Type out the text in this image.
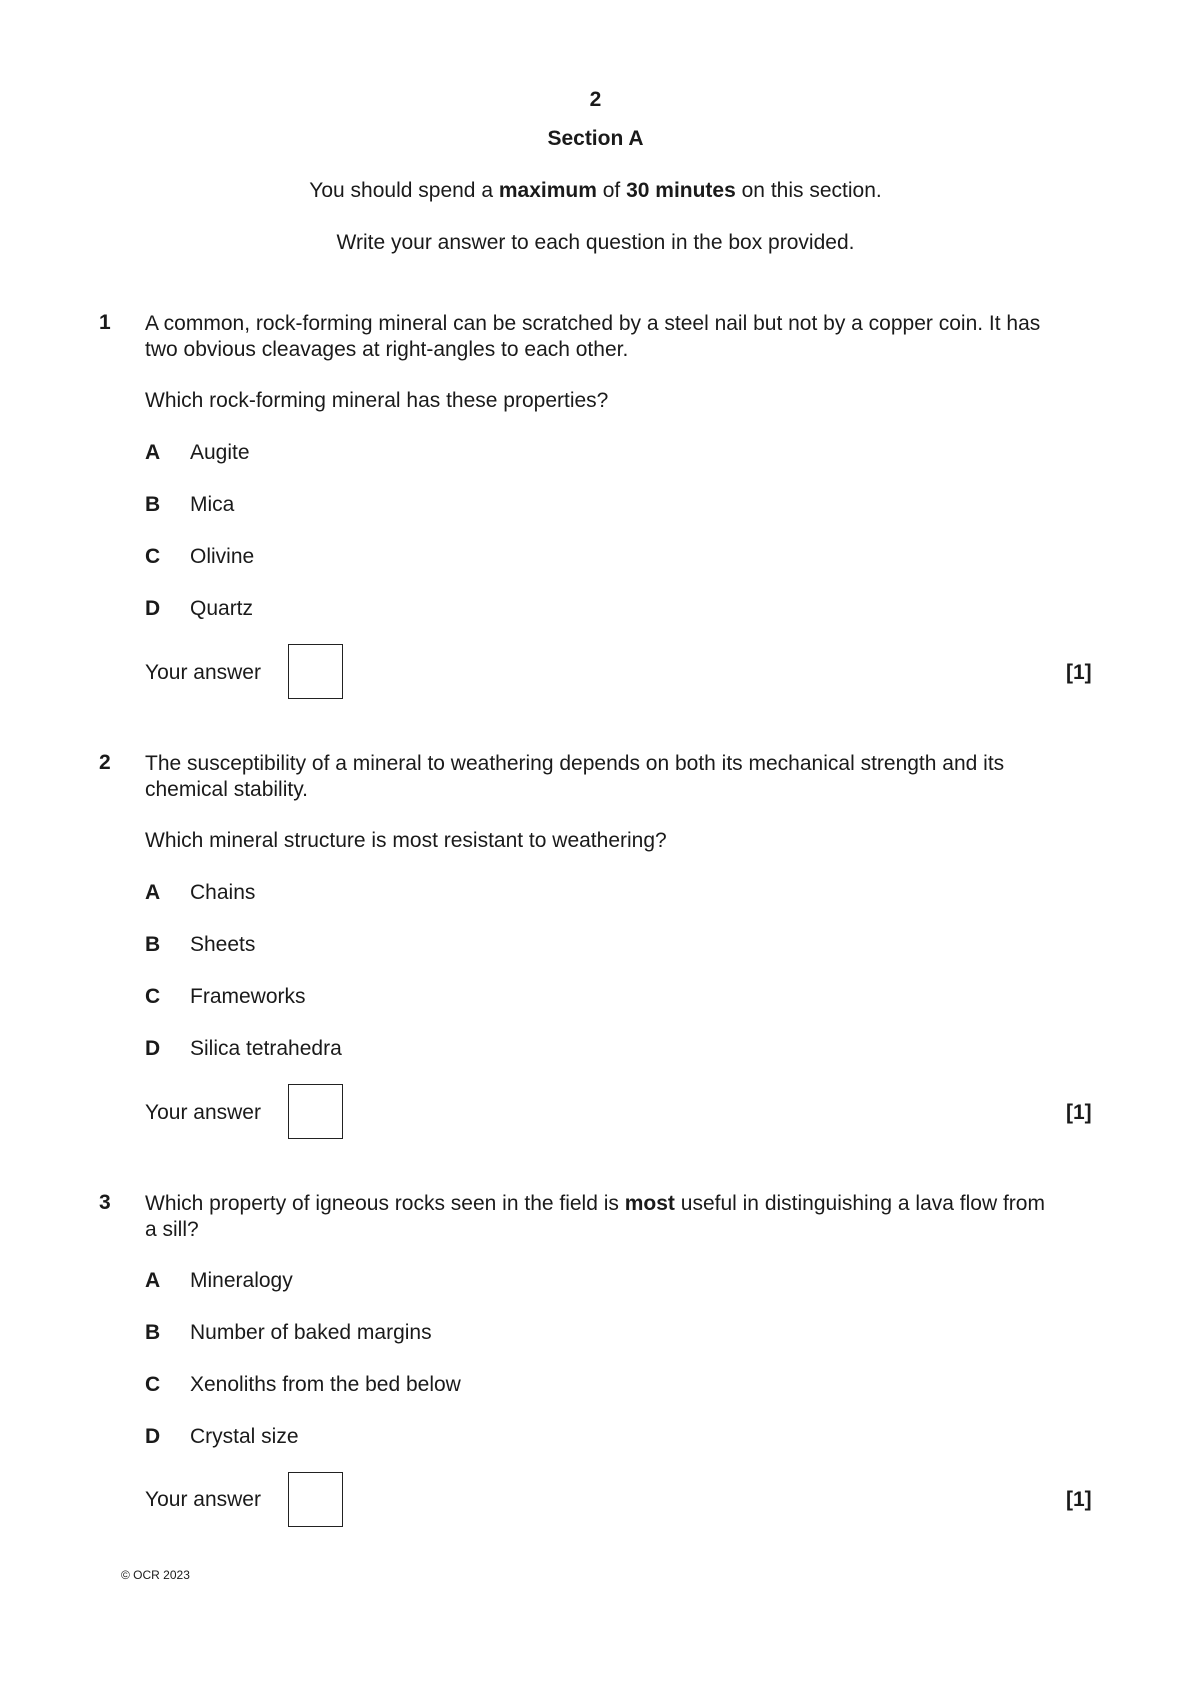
2
Section A
You should spend a maximum of 30 minutes on this section.
Write your answer to each question in the box provided.
1 A common, rock-forming mineral can be scratched by a steel nail but not by a copper coin. It has
two obvious cleavages at right-angles to each other.
Which rock-forming mineral has these properties?
A Augite
B Mica
C Olivine
D Quartz
Your answer	[1]
2 The susceptibility of a mineral to weathering depends on both its mechanical strength and its
chemical stability.
Which mineral structure is most resistant to weathering?
A Chains
B Sheets
C Frameworks
D Silica tetrahedra
Your answer	[1]
3 Which property of igneous rocks seen in the field is most useful in distinguishing a lava flow from
a sill?
A Mineralogy
B Number of baked margins
C Xenoliths from the bed below
D Crystal size
Your answer	[1]
© OCR 2023
